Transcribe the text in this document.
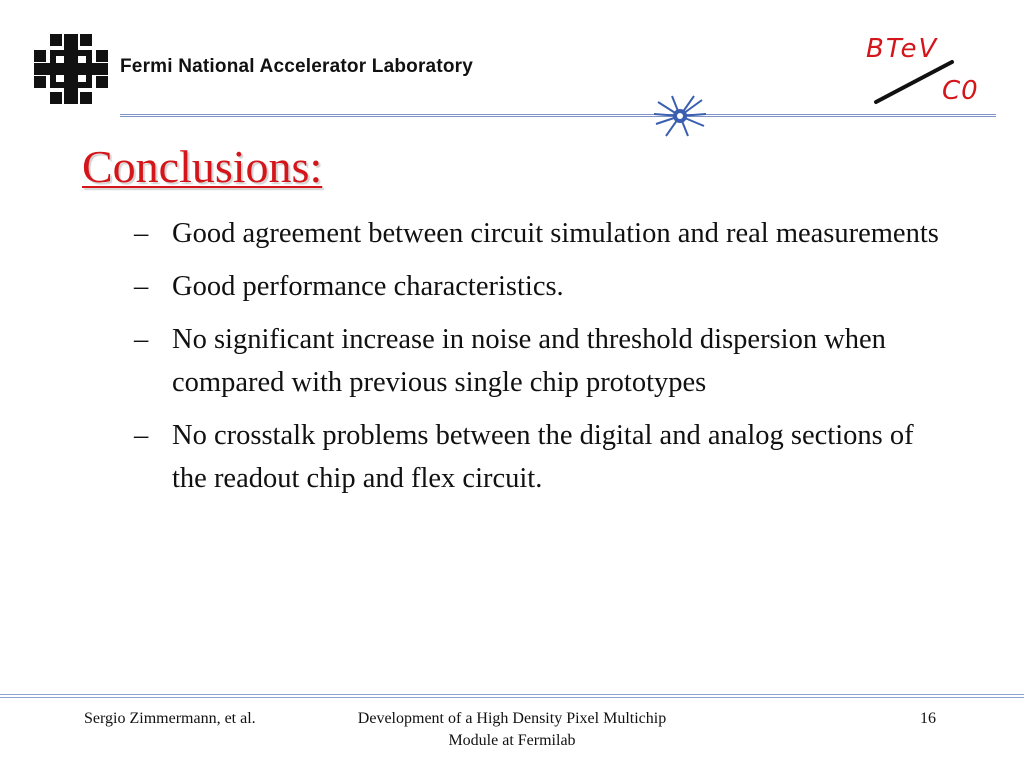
Fermi National Accelerator Laboratory
BTeV
C0
Conclusions:
– Good agreement between circuit simulation and real measurements
– Good performance characteristics.
– No significant increase in noise and threshold dispersion when compared with previous single chip prototypes
– No crosstalk problems between the digital and analog sections of the readout chip and flex circuit.
Sergio Zimmermann, et al.	Development of a High Density Pixel Multichip Module at Fermilab
16
